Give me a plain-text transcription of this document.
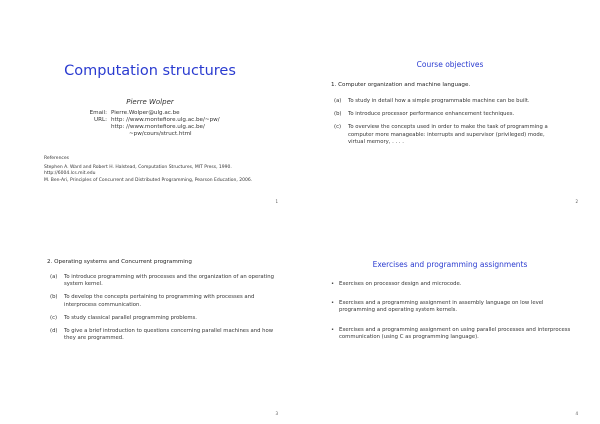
Computation structures
Pierre Wolper
Email: Pierre.Wolper@ulg.ac.be
URL: http: //www.montefiore.ulg.ac.be/~pw/
http: //www.montefiore.ulg.ac.be/
~pw/cours/struct.html
References
Stephen A. Ward and Robert H. Halstead, Computation Structures, MIT Press, 1990.
http://6004.lcs.mit.edu
M. Ben-Ari, Principles of Concurrent and Distributed Programming, Pearson Education, 2006.
1
Course objectives
1. Computer organization and machine language.
(a)	To study in detail how a simple programmable machine can be built.
(b)	To introduce processor performance enhancement techniques.
(c)	To overview the concepts used in order to make the task of programming a computer more manageable: interrupts and supervisor (privileged) mode, virtual memory, . . . .
2
2. Operating systems and Concurrent programming
(a)	To introduce programming with processes and the organization of an operating system kernel.
(b)	To develop the concepts pertaining to programming with processes and interprocess communication.
(c)	To study classical parallel programming problems.
(d)	To give a brief introduction to questions concerning parallel machines and how they are programmed.
3
Exercises and programming assignments
• Exercises on processor design and microcode.
• Exercises and a programming assignment in assembly language on low level programming and operating system kernels.
• Exercises and a programming assignment on using parallel processes and interprocess communication (using C as programming language).
4
